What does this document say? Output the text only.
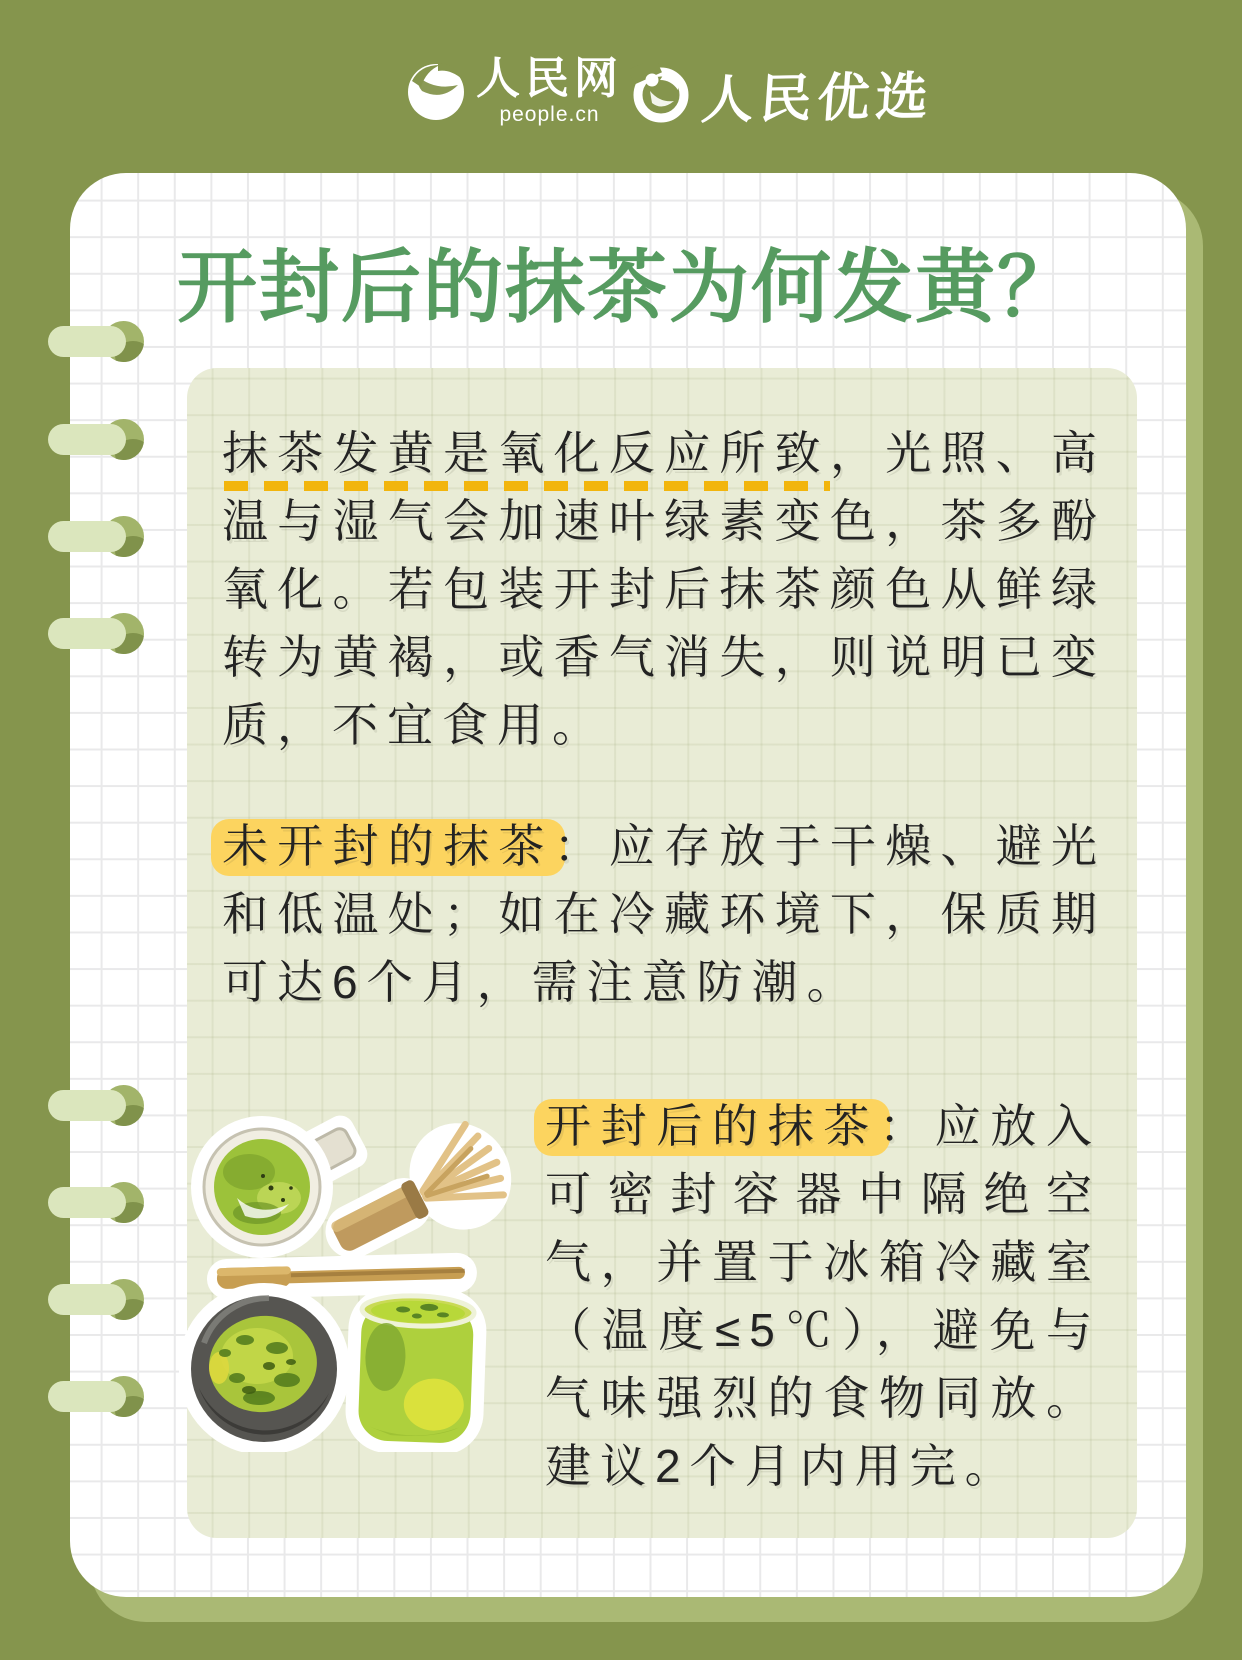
人民网
people.cn 人民优选
开封后的抹茶为何发黄？

抹茶发黄是氧化反应所致，光照、高温与湿气会加速叶绿素变色，茶多酚氧化。若包装开封后抹茶颜色从鲜绿转为黄褐，或香气消失，则说明已变质，不宜食用。

未开封的抹茶：应存放于干燥、避光和低温处；如在冷藏环境下，保质期可达6个月，需注意防潮。

开封后的抹茶：应放入可密封容器中隔绝空气，并置于冰箱冷藏室（温度≤5℃），避免与气味强烈的食物同放。建议2个月内用完。
